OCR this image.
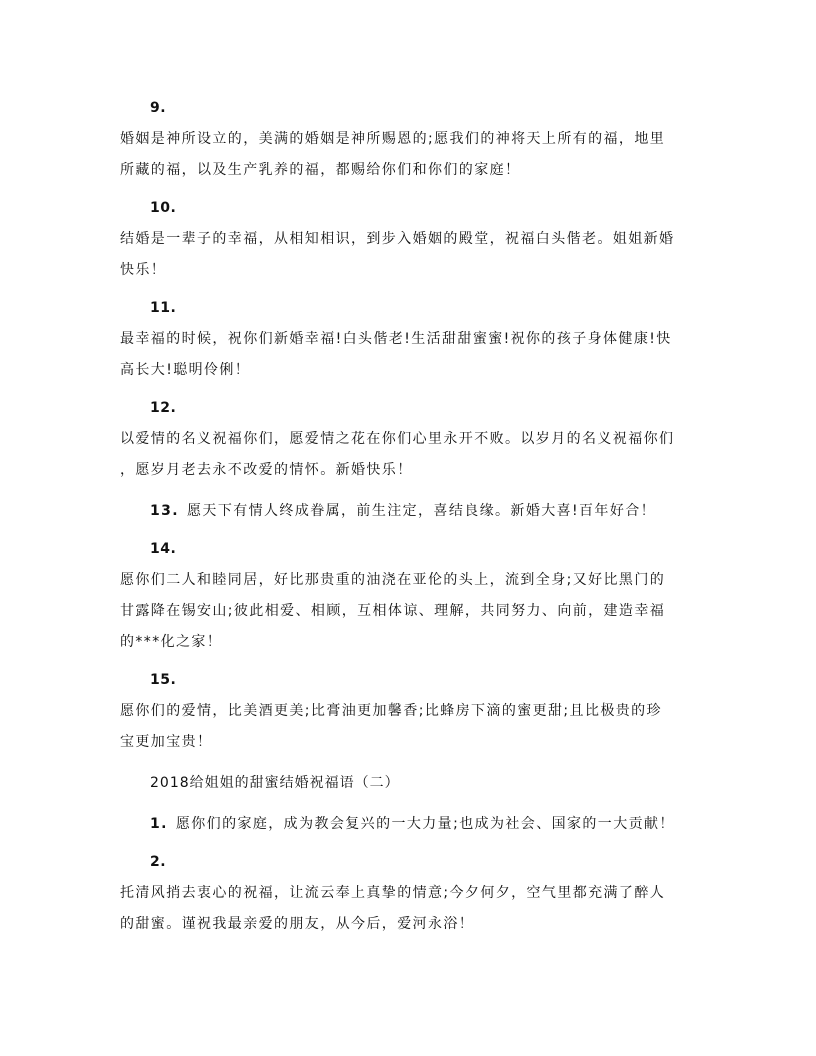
9.

婚姻是神所设立的，美满的婚姻是神所赐恩的;愿我们的神将天上所有的福，地里
所藏的福，以及生产乳养的福，都赐给你们和你们的家庭！

10.

结婚是一辈子的幸福，从相知相识，到步入婚姻的殿堂，祝福白头偕老。姐姐新婚
快乐！

11.

最幸福的时候，祝你们新婚幸福!白头偕老!生活甜甜蜜蜜!祝你的孩子身体健康!快
高长大!聪明伶俐！

12.

以爱情的名义祝福你们，愿爱情之花在你们心里永开不败。以岁月的名义祝福你们
，愿岁月老去永不改爱的情怀。新婚快乐！

13. 愿天下有情人终成眷属，前生注定，喜结良缘。新婚大喜!百年好合！

14.

愿你们二人和睦同居，好比那贵重的油浇在亚伦的头上，流到全身;又好比黑门的
甘露降在锡安山;彼此相爱、相顾，互相体谅、理解，共同努力、向前，建造幸福
的***化之家！

15.

愿你们的爱情，比美酒更美;比膏油更加馨香;比蜂房下滴的蜜更甜;且比极贵的珍
宝更加宝贵！

2018给姐姐的甜蜜结婚祝福语（二）

1. 愿你们的家庭，成为教会复兴的一大力量;也成为社会、国家的一大贡献！

2.

托清风捎去衷心的祝福，让流云奉上真挚的情意;今夕何夕，空气里都充满了醉人
的甜蜜。谨祝我最亲爱的朋友，从今后，爱河永浴！
